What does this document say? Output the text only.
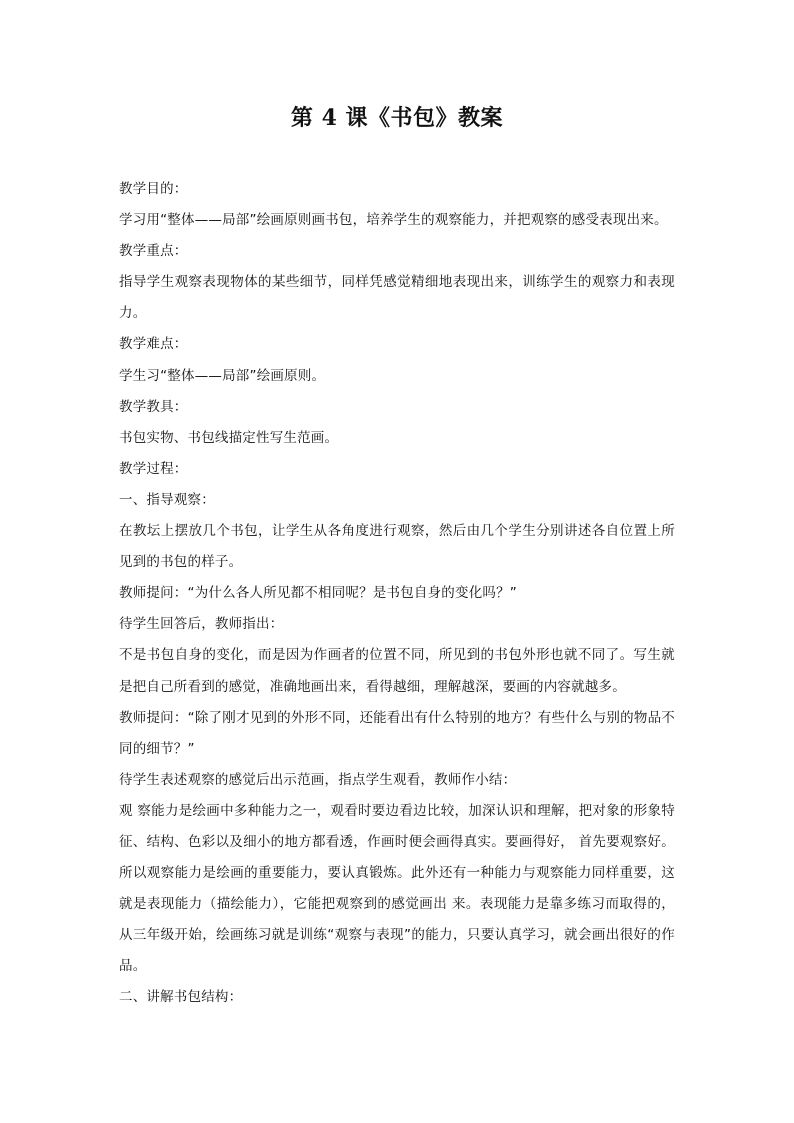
第 4 课《书包》教案

教学目的：

学习用“整体——局部”绘画原则画书包，培养学生的观察能力，并把观察的感受表现出来。

教学重点：

指导学生观察表现物体的某些细节，同样凭感觉精细地表现出来，训练学生的观察力和表现力。

教学难点：

学生习“整体——局部”绘画原则。

教学教具：

书包实物、书包线描定性写生范画。

教学过程：

一、指导观察：

在教坛上摆放几个书包，让学生从各角度进行观察，然后由几个学生分别讲述各自位置上所见到的书包的样子。

教师提问：“为什么各人所见都不相同呢？是书包自身的变化吗？”

待学生回答后，教师指出：

不是书包自身的变化，而是因为作画者的位置不同，所见到的书包外形也就不同了。写生就是把自己所看到的感觉，准确地画出来，看得越细，理解越深，要画的内容就越多。

教师提问：“除了刚才见到的外形不同，还能看出有什么特别的地方？有些什么与别的物品不同的细节？”

待学生表述观察的感觉后出示范画，指点学生观看，教师作小结：

观 察能力是绘画中多种能力之一，观看时要边看边比较，加深认识和理解，把对象的形象特征、结构、色彩以及细小的地方都看透，作画时便会画得真实。要画得好， 首先要观察好。所以观察能力是绘画的重要能力，要认真锻炼。此外还有一种能力与观察能力同样重要，这就是表现能力（描绘能力），它能把观察到的感觉画出 来。表现能力是靠多练习而取得的，从三年级开始，绘画练习就是训练“观察与表现”的能力，只要认真学习，就会画出很好的作品。

二、讲解书包结构：
